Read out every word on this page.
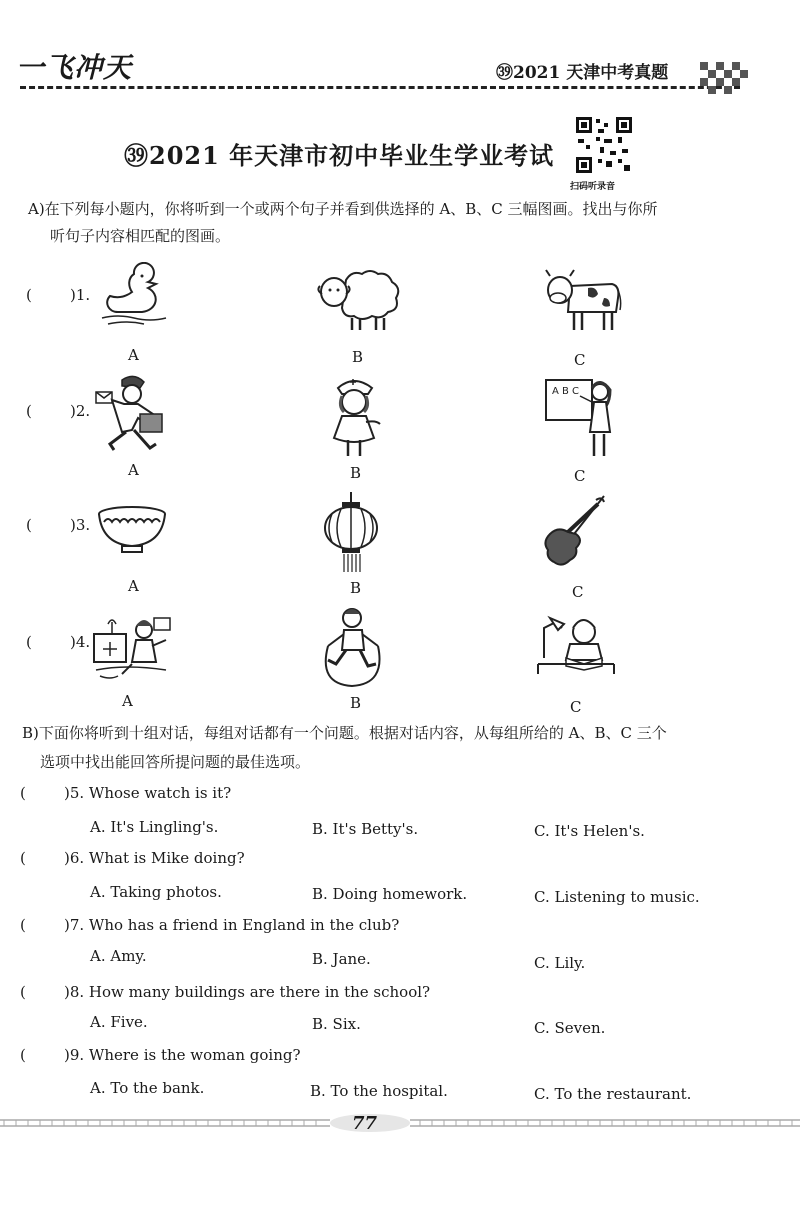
一飞冲天	㊴2021 天津中考真题
㊴2021 年天津市初中毕业生学业考试
扫码听录音
A)在下列每小题内，你将听到一个或两个句子并看到供选择的 A、B、C 三幅图画。找出与你所
听句子内容相匹配的图画。
(	)1.
A	B	C
(	)2.
A B C
A	B	C
(	)3.
A	B	C
(	)4.
A	B	C
B)下面你将听到十组对话，每组对话都有一个问题。根据对话内容，从每组所给的 A、B、C 三个
选项中找出能回答所提问题的最佳选项。
(	)5. Whose watch is it?
A. It's Lingling's.	B. It's Betty's.	C. It's Helen's.
(	)6. What is Mike doing?
A. Taking photos.	B. Doing homework.	C. Listening to music.
(	)7. Who has a friend in England in the club?
A. Amy.	B. Jane.	C. Lily.
(	)8. How many buildings are there in the school?
A. Five.	B. Six.	C. Seven.
(	)9. Where is the woman going?
A. To the bank.	B. To the hospital.	C. To the restaurant.
77
